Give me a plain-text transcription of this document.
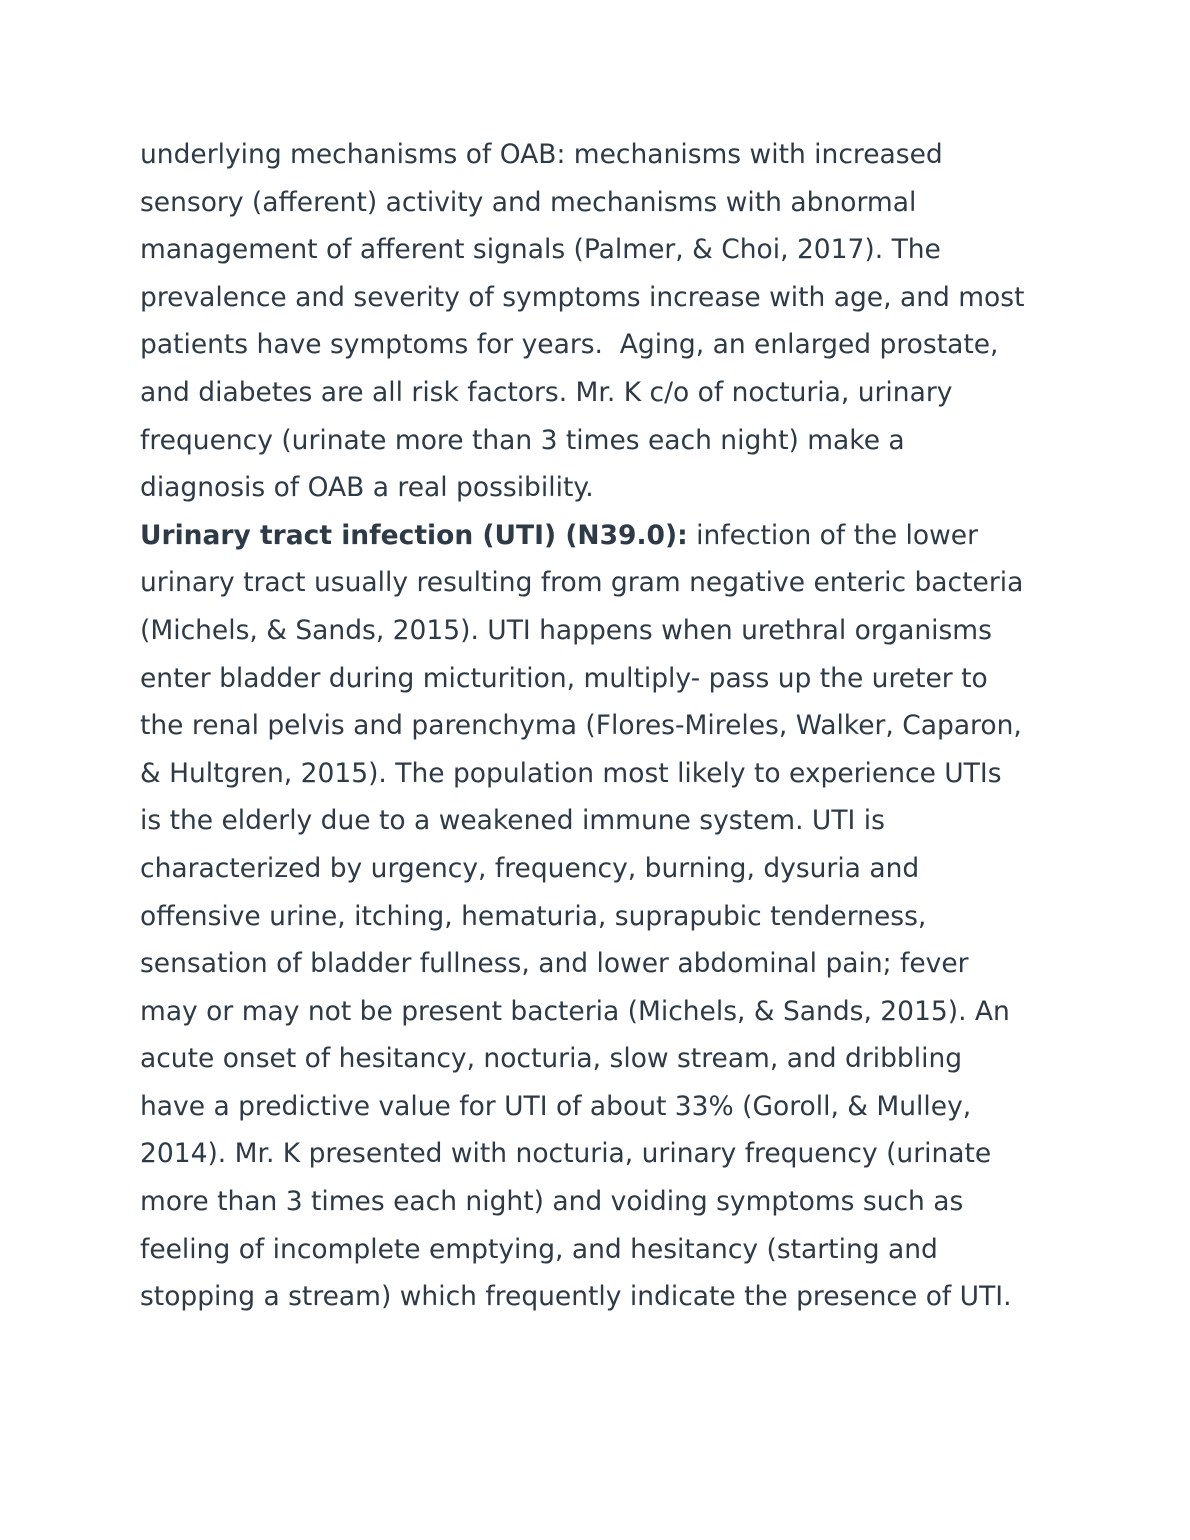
underlying mechanisms of OAB: mechanisms with increased
sensory (afferent) activity and mechanisms with abnormal
management of afferent signals (Palmer, & Choi, 2017). The
prevalence and severity of symptoms increase with age, and most
patients have symptoms for years.  Aging, an enlarged prostate,
and diabetes are all risk factors. Mr. K c/o of nocturia, urinary
frequency (urinate more than 3 times each night) make a
diagnosis of OAB a real possibility.
Urinary tract infection (UTI) (N39.0): infection of the lower
urinary tract usually resulting from gram negative enteric bacteria
(Michels, & Sands, 2015). UTI happens when urethral organisms
enter bladder during micturition, multiply- pass up the ureter to
the renal pelvis and parenchyma (Flores-Mireles, Walker, Caparon,
& Hultgren, 2015). The population most likely to experience UTIs
is the elderly due to a weakened immune system. UTI is
characterized by urgency, frequency, burning, dysuria and
offensive urine, itching, hematuria, suprapubic tenderness,
sensation of bladder fullness, and lower abdominal pain; fever
may or may not be present bacteria (Michels, & Sands, 2015). An
acute onset of hesitancy, nocturia, slow stream, and dribbling
have a predictive value for UTI of about 33% (Goroll, & Mulley,
2014). Mr. K presented with nocturia, urinary frequency (urinate
more than 3 times each night) and voiding symptoms such as
feeling of incomplete emptying, and hesitancy (starting and
stopping a stream) which frequently indicate the presence of UTI.
